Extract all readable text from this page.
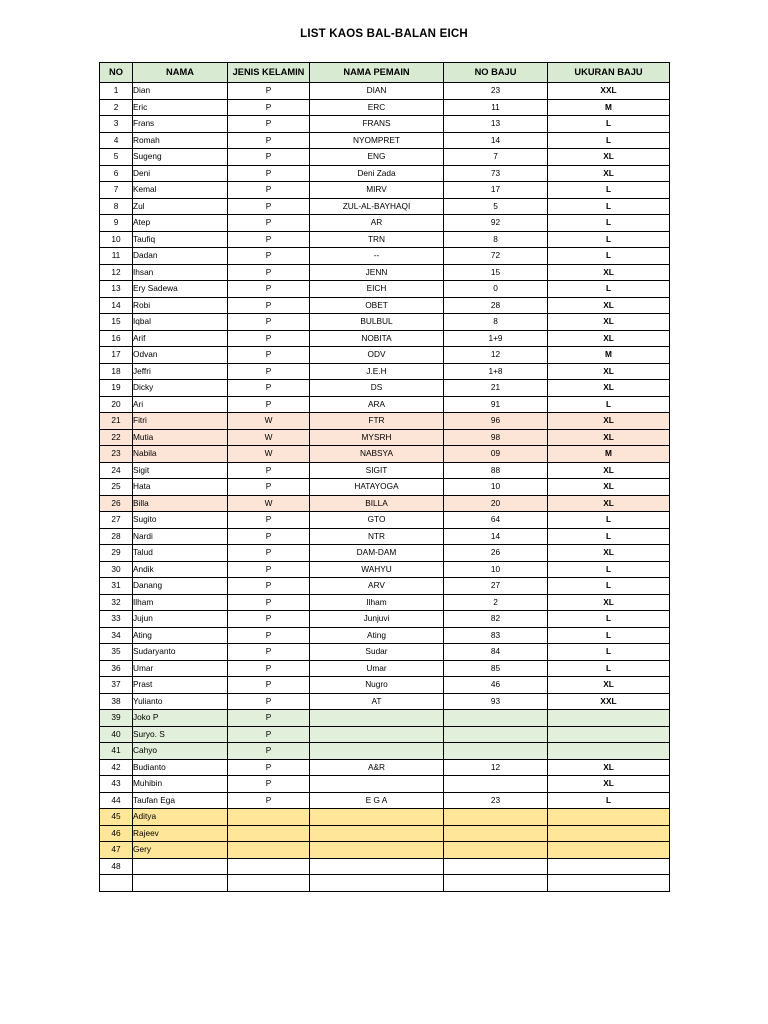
LIST KAOS BAL-BALAN EICH
NO	NAMA	JENIS KELAMIN	NAMA PEMAIN	NO BAJU	UKURAN BAJU
1	Dian	P	DIAN	23	XXL
2	Eric	P	ERC	11	M
3	Frans	P	FRANS	13	L
4	Romah	P	NYOMPRET	14	L
5	Sugeng	P	ENG	7	XL
6	Deni	P	Deni Zada	73	XL
7	Kemal	P	MIRV	17	L
8	Zul	P	ZUL-AL-BAYHAQI	5	L
9	Atep	P	AR	92	L
10	Taufiq	P	TRN	8	L
11	Dadan	P	--	72	L
12	Ihsan	P	JENN	15	XL
13	Ery Sadewa	P	EICH	0	L
14	Robi	P	OBET	28	XL
15	Iqbal	P	BULBUL	8	XL
16	Arif	P	NOBITA	1+9	XL
17	Odvan	P	ODV	12	M
18	Jeffri	P	J.E.H	1+8	XL
19	Dicky	P	DS	21	XL
20	Ari	P	ARA	91	L
21	Fitri	W	FTR	96	XL
22	Mutia	W	MYSRH	98	XL
23	Nabila	W	NABSYA	09	M
24	Sigit	P	SIGIT	88	XL
25	Hata	P	HATAYOGA	10	XL
26	Billa	W	BILLA	20	XL
27	Sugito	P	GTO	64	L
28	Nardi	P	NTR	14	L
29	Talud	P	DAM-DAM	26	XL
30	Andik	P	WAHYU	10	L
31	Danang	P	ARV	27	L
32	Ilham	P	Ilham	2	XL
33	Jujun	P	Junjuvi	82	L
34	Ating	P	Ating	83	L
35	Sudaryanto	P	Sudar	84	L
36	Umar	P	Umar	85	L
37	Prast	P	Nugro	46	XL
38	Yulianto	P	AT	93	XXL
39	Joko P	P			
40	Suryo. S	P			
41	Cahyo	P			
42	Budianto	P	A&R	12	XL
43	Muhibin	P			XL
44	Taufan Ega	P	E G A	23	L
45	Aditya				
46	Rajeev				
47	Gery				
48					
